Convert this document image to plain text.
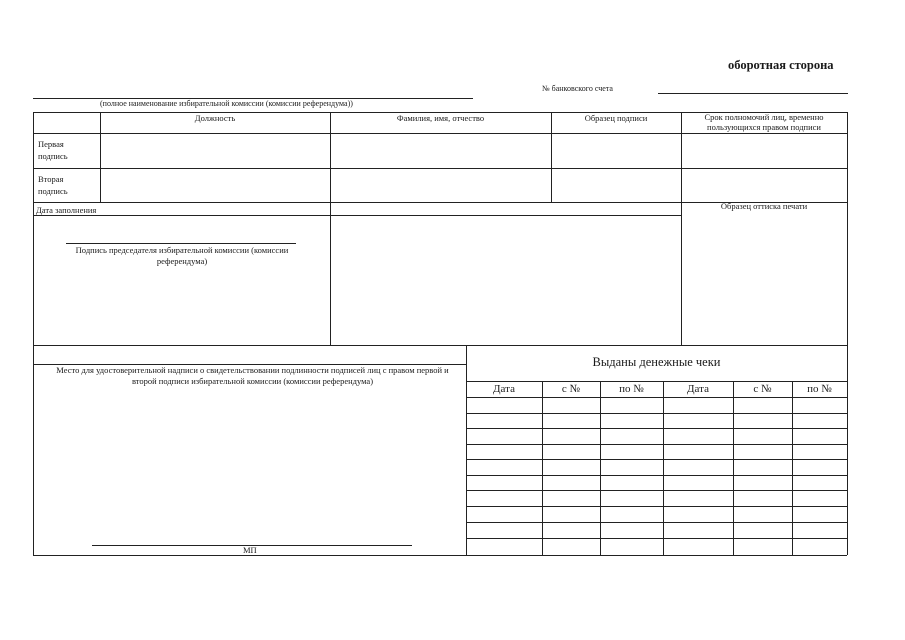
оборотная сторона
№ банковского счета
(полное наименование избирательной комиссии (комиссии референдума))
Должность	Фамилия, имя, отчество	Образец подписи	Срок полномочий лиц, временно пользующихся правом подписи
Первая подпись
Вторая подпись
Дата заполнения	Образец оттиска печати
Подпись председателя избирательной комиссии (комиссии референдума)
Место для удостоверительной надписи о свидетельствовании подлинности подписей лиц с правом первой и второй подписи избирательной комиссии (комиссии референдума)
МП
Выданы денежные чеки
Дата	с №	по №	Дата	с №	по №
